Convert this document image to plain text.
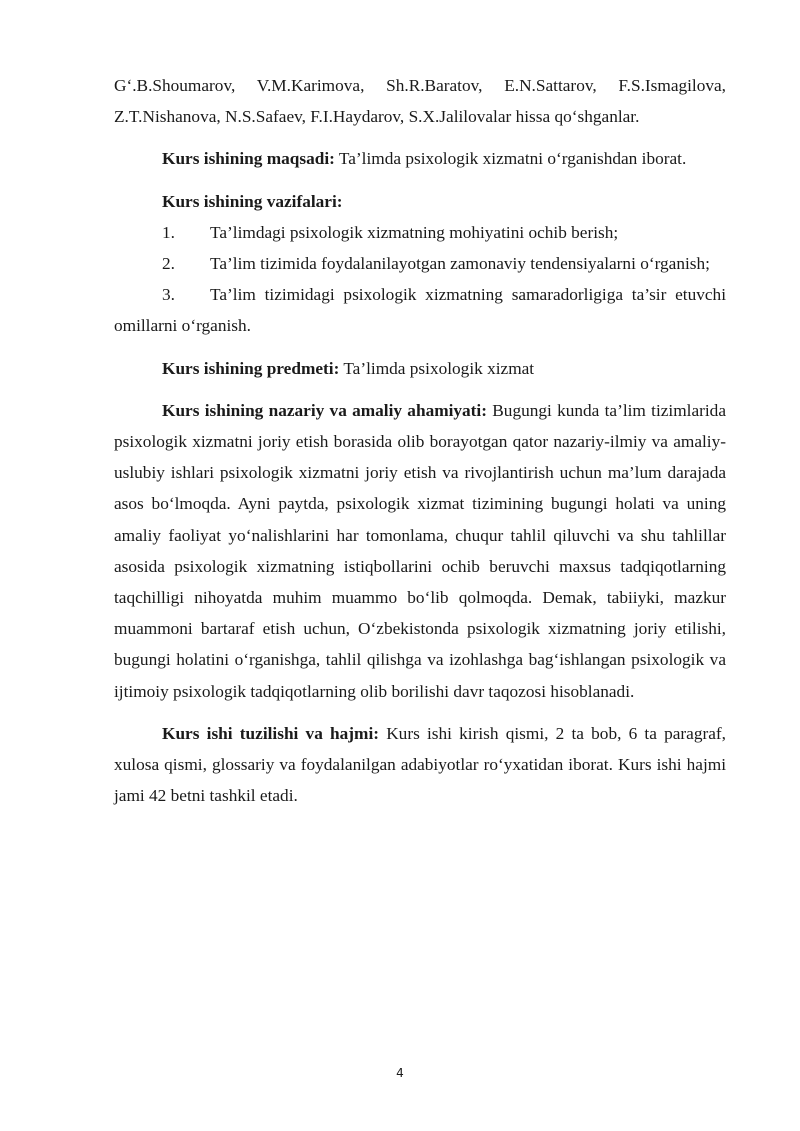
G‘.B.Shoumarov, V.M.Karimova, Sh.R.Baratov, E.N.Sattarov, F.S.Ismagilova, Z.T.Nishanova, N.S.Safaev, F.I.Haydarov, S.X.Jalilovalar hissa qo‘shganlar.

Kurs ishining maqsadi: Ta’limda psixologik xizmatni o‘rganishdan iborat.

Kurs ishining vazifalari:

1. Ta’limdagi psixologik xizmatning mohiyatini ochib berish;

2. Ta’lim tizimida foydalanilayotgan zamonaviy tendensiyalarni o‘rganish;

3. Ta’lim tizimidagi psixologik xizmatning samaradorligiga ta’sir etuvchi omillarni o‘rganish.

Kurs ishining predmeti: Ta’limda psixologik xizmat

Kurs ishining nazariy va amaliy ahamiyati: Bugungi kunda ta’lim tizimlarida psixologik xizmatni joriy etish borasida olib borayotgan qator nazariy-ilmiy va amaliy-uslubiy ishlari psixologik xizmatni joriy etish va rivojlantirish uchun ma’lum darajada asos bo‘lmoqda. Ayni paytda, psixologik xizmat tizimining bugungi holati va uning amaliy faoliyat yo‘nalishlarini har tomonlama, chuqur tahlil qiluvchi va shu tahlillar asosida psixologik xizmatning istiqbollarini ochib beruvchi maxsus tadqiqotlarning taqchilligi nihoyatda muhim muammo bo‘lib qolmoqda. Demak, tabiiyki, mazkur muammoni bartaraf etish uchun, O‘zbekistonda psixologik xizmatning joriy etilishi, bugungi holatini o‘rganishga, tahlil qilishga va izohlashga bag‘ishlangan psixologik va ijtimoiy psixologik tadqiqotlarning olib borilishi davr taqozosi hisoblanadi.

Kurs ishi tuzilishi va hajmi: Kurs ishi kirish qismi, 2 ta bob, 6 ta paragraf, xulosa qismi, glossariy va foydalanilgan adabiyotlar ro‘yxatidan iborat. Kurs ishi hajmi jami 42 betni tashkil etadi.

4
